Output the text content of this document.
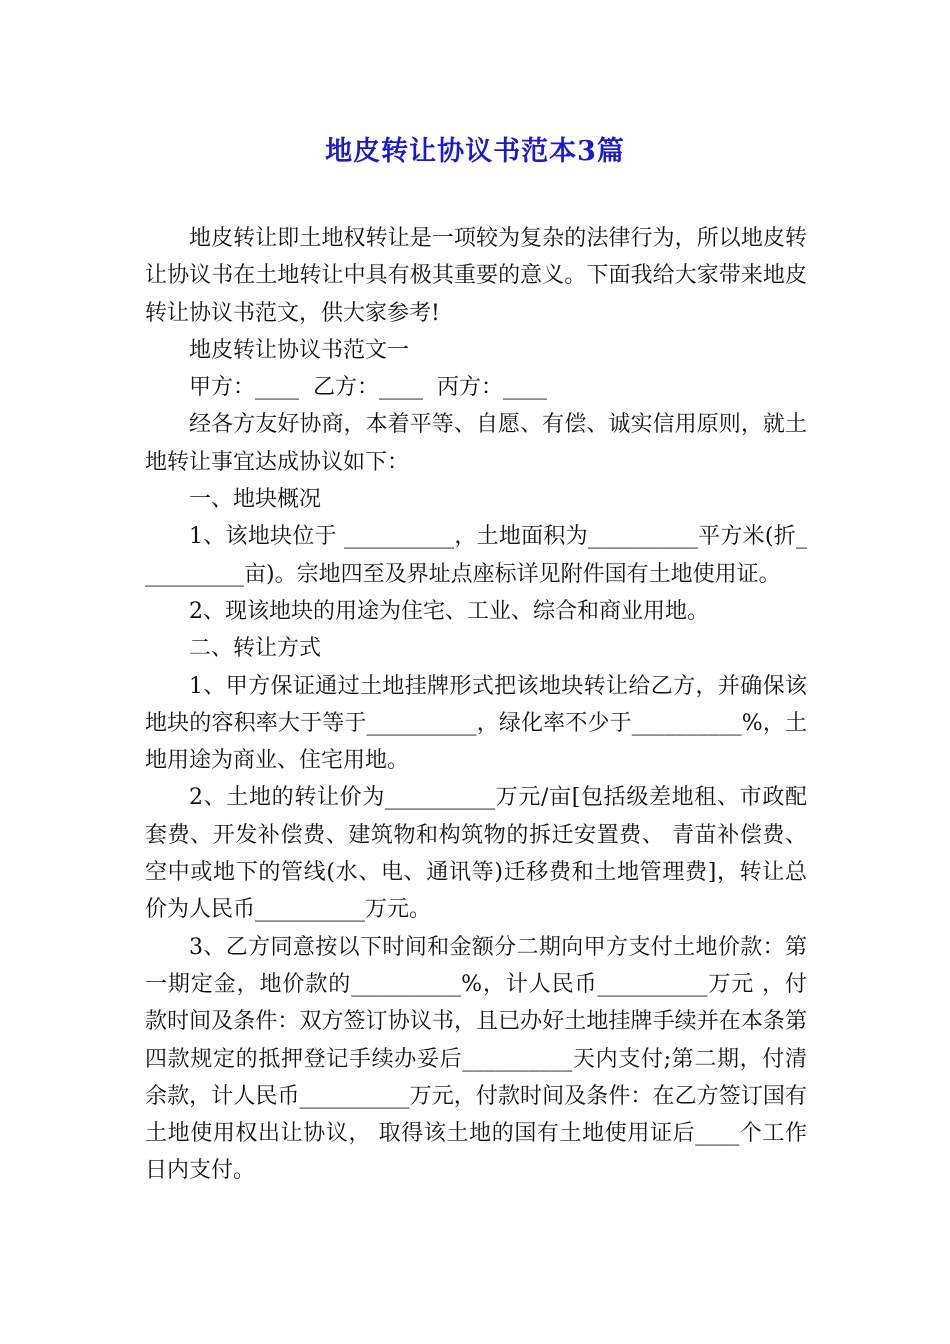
地皮转让协议书范本3篇

地皮转让即土地权转让是一项较为复杂的法律行为，所以地皮转让协议书在土地转让中具有极其重要的意义。下面我给大家带来地皮转让协议书范文，供大家参考!

地皮转让协议书范文一

甲方：____  乙方：____  丙方：____

经各方友好协商，本着平等、自愿、有偿、诚实信用原则，就土地转让事宜达成协议如下：

一、地块概况

1、该地块位于 __________，土地面积为__________平方米(折__________亩)。宗地四至及界址点座标详见附件国有土地使用证。

2、现该地块的用途为住宅、工业、综合和商业用地。

二、转让方式

1、甲方保证通过土地挂牌形式把该地块转让给乙方，并确保该地块的容积率大于等于__________，绿化率不少于__________%，土地用途为商业、住宅用地。

2、土地的转让价为__________万元/亩[包括级差地租、市政配套费、开发补偿费、建筑物和构筑物的拆迁安置费、 青苗补偿费、空中或地下的管线(水、电、通讯等)迁移费和土地管理费]，转让总价为人民币__________万元。

3、乙方同意按以下时间和金额分二期向甲方支付土地价款：第一期定金，地价款的__________%，计人民币__________万元 ，付款时间及条件：双方签订协议书，且已办好土地挂牌手续并在本条第四款规定的抵押登记手续办妥后__________天内支付;第二期，付清余款，计人民币__________万元，付款时间及条件：在乙方签订国有土地使用权出让协议， 取得该土地的国有土地使用证后____个工作日内支付。
